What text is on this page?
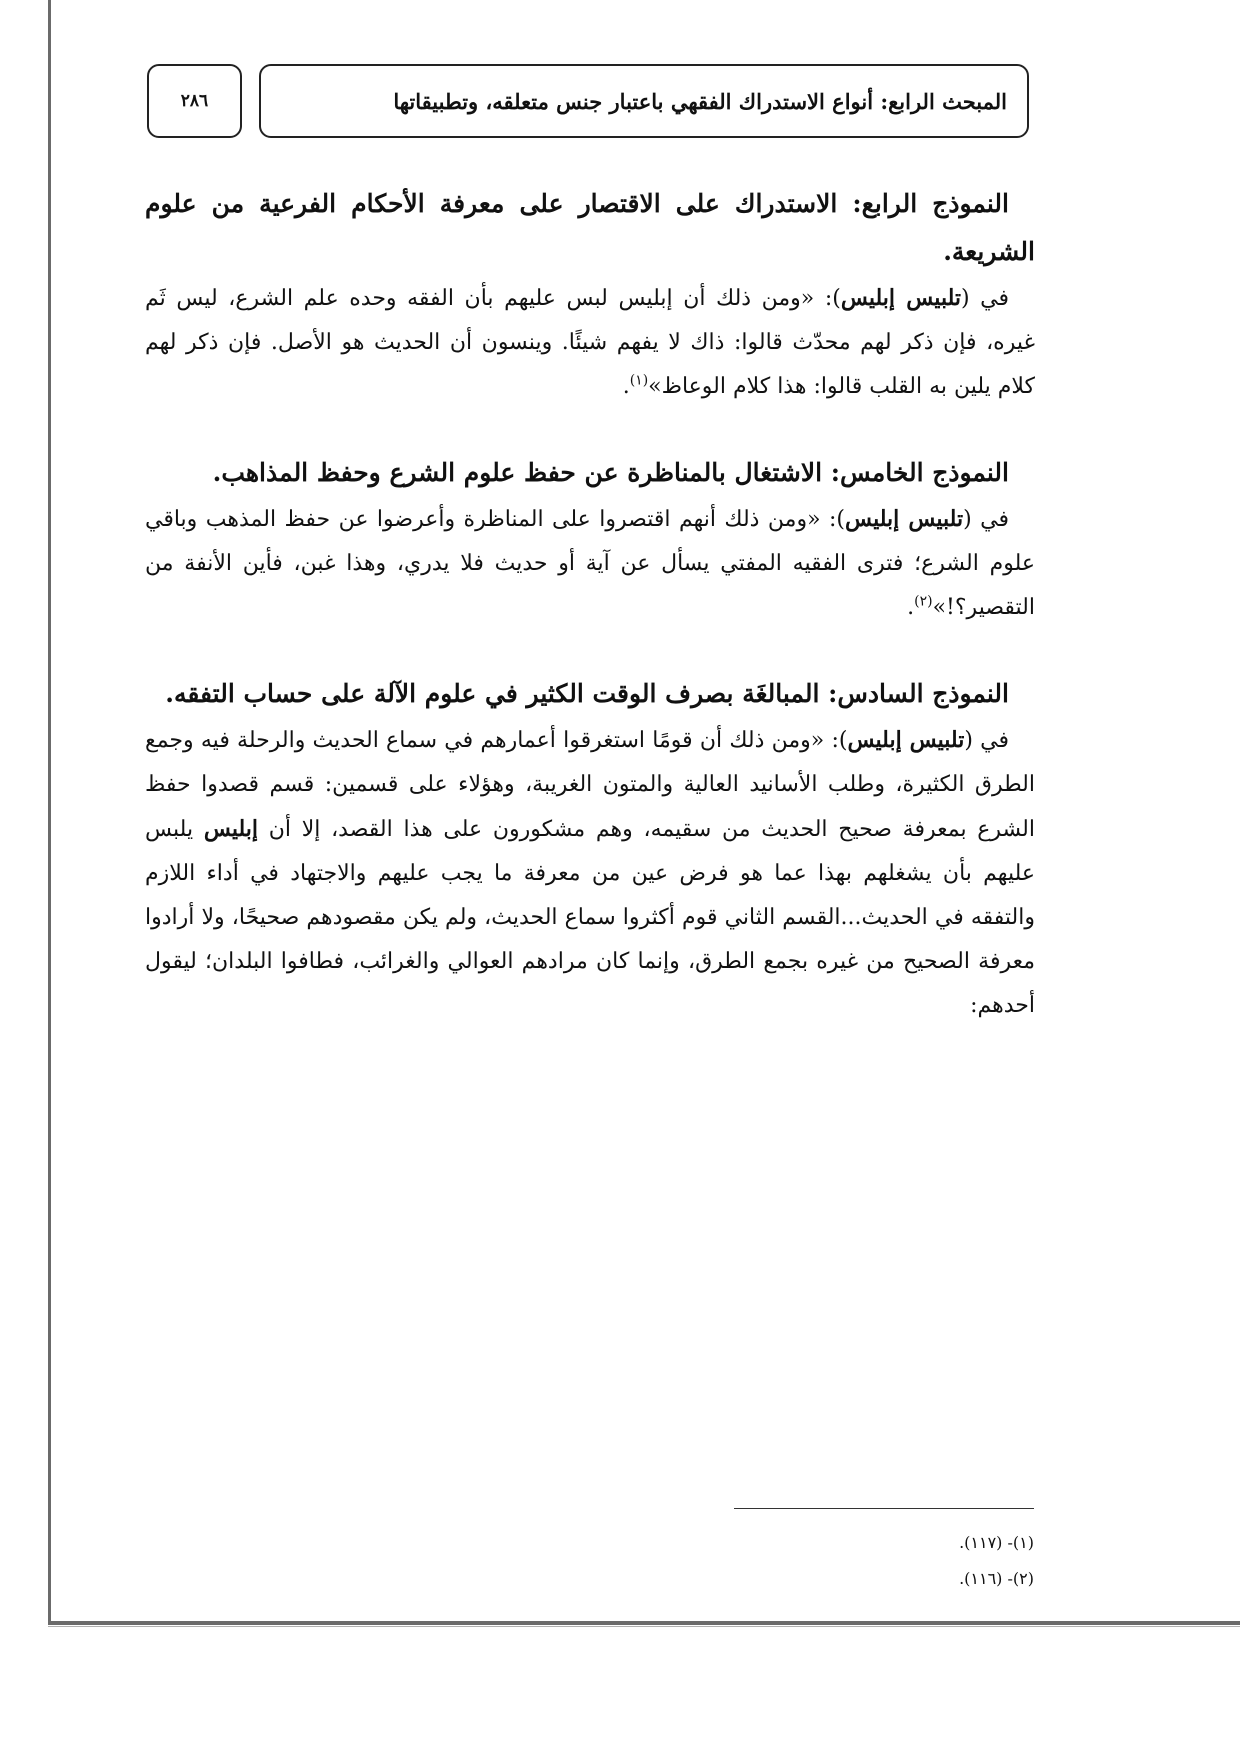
٢٨٦	المبحث الرابع: أنواع الاستدراك الفقهي باعتبار جنس متعلقه، وتطبيقاتها

النموذج الرابع: الاستدراك على الاقتصار على معرفة الأحكام الفرعية من علوم الشريعة.

في (تلبيس إبليس): «ومن ذلك أن إبليس لبس عليهم بأن الفقه وحده علم الشرع، ليس ثَم غيره، فإن ذكر لهم محدّث قالوا: ذاك لا يفهم شيئًا. وينسون أن الحديث هو الأصل. فإن ذكر لهم كلام يلين به القلب قالوا: هذا كلام الوعاظ»$^{(١)}$.

النموذج الخامس: الاشتغال بالمناظرة عن حفظ علوم الشرع وحفظ المذاهب.

في (تلبيس إبليس): «ومن ذلك أنهم اقتصروا على المناظرة وأعرضوا عن حفظ المذهب وباقي علوم الشرع؛ فترى الفقيه المفتي يسأل عن آية أو حديث فلا يدري، وهذا غبن، فأين الأنفة من التقصير؟!»$^{(٢)}$.

النموذج السادس: المبالغَة بصرف الوقت الكثير في علوم الآلة على حساب التفقه.

في (تلبيس إبليس): «ومن ذلك أن قومًا استغرقوا أعمارهم في سماع الحديث والرحلة فيه وجمع الطرق الكثيرة، وطلب الأسانيد العالية والمتون الغريبة، وهؤلاء على قسمين: قسم قصدوا حفظ الشرع بمعرفة صحيح الحديث من سقيمه، وهم مشكورون على هذا القصد، إلا أن إبليس يلبس عليهم بأن يشغلهم بهذا عما هو فرض عين من معرفة ما يجب عليهم والاجتهاد في أداء اللازم والتفقه في الحديث...القسم الثاني قوم أكثروا سماع الحديث، ولم يكن مقصودهم صحيحًا، ولا أرادوا معرفة الصحيح من غيره بجمع الطرق، وإنما كان مرادهم العوالي والغرائب، فطافوا البلدان؛ ليقول أحدهم:

(١)- (١١٧).

(٢)- (١١٦).
